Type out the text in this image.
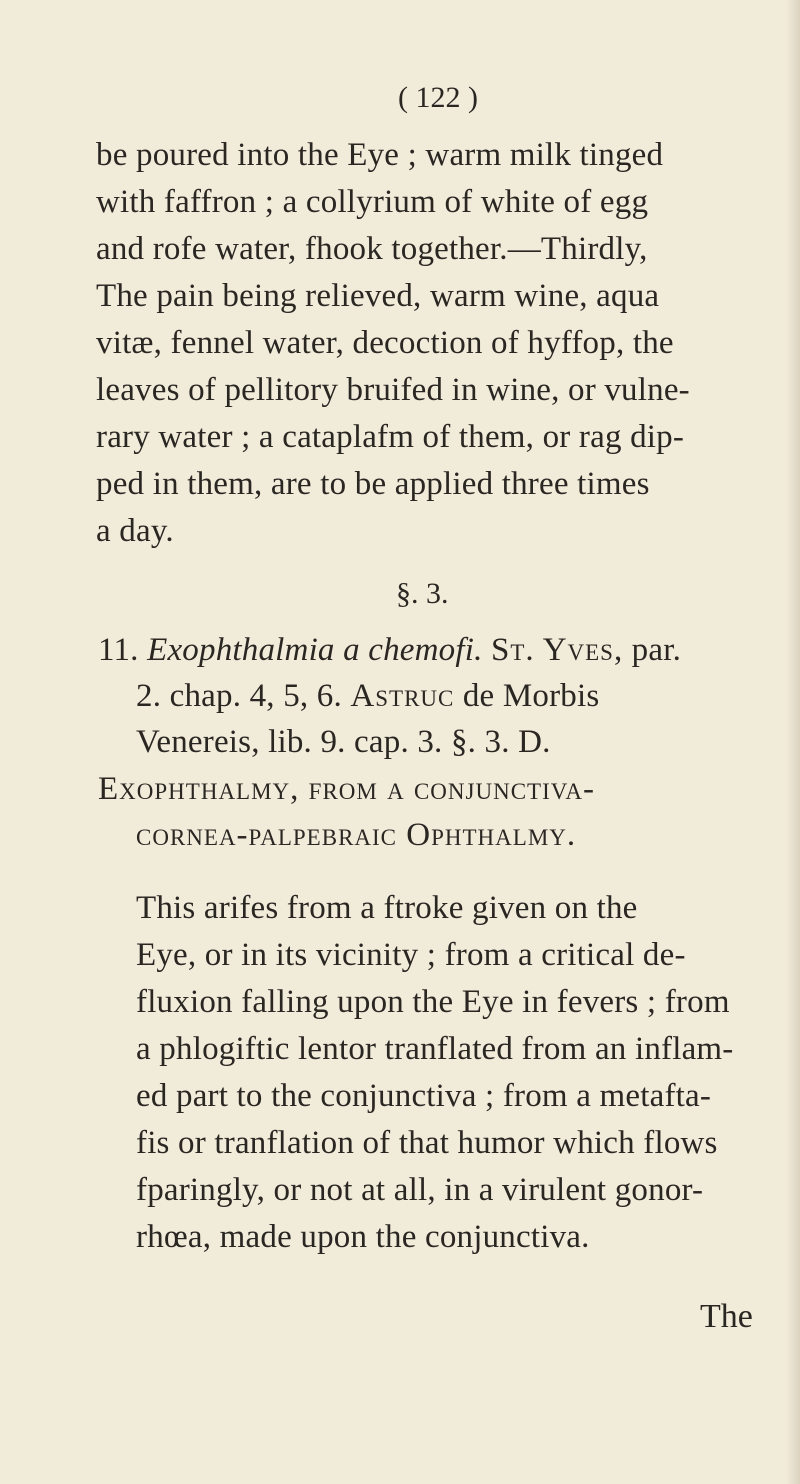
( 122 )
be poured into the Eye ; warm milk tinged
with faffron ; a collyrium of white of egg
and rofe water, fhook together.—Thirdly,
The pain being relieved, warm wine, aqua
vitæ, fennel water, decoction of hyffop, the
leaves of pellitory bruifed in wine, or vulne-
rary water ; a cataplafm of them, or rag dip-
ped in them, are to be applied three times
a day.
§. 3.
11. Exophthalmia a chemofi. St. Yves, par.
2. chap. 4, 5, 6. Astruc de Morbis
Venereis, lib. 9. cap. 3. §. 3. D.
Exophthalmy, from a conjunctiva-
cornea-palpebraic Ophthalmy.
This arifes from a ftroke given on the
Eye, or in its vicinity ; from a critical de-
fluxion falling upon the Eye in fevers ; from
a phlogiftic lentor tranflated from an inflam-
ed part to the conjunctiva ; from a metafta-
fis or tranflation of that humor which flows
fparingly, or not at all, in a virulent gonor-
rhœa, made upon the conjunctiva.
The
